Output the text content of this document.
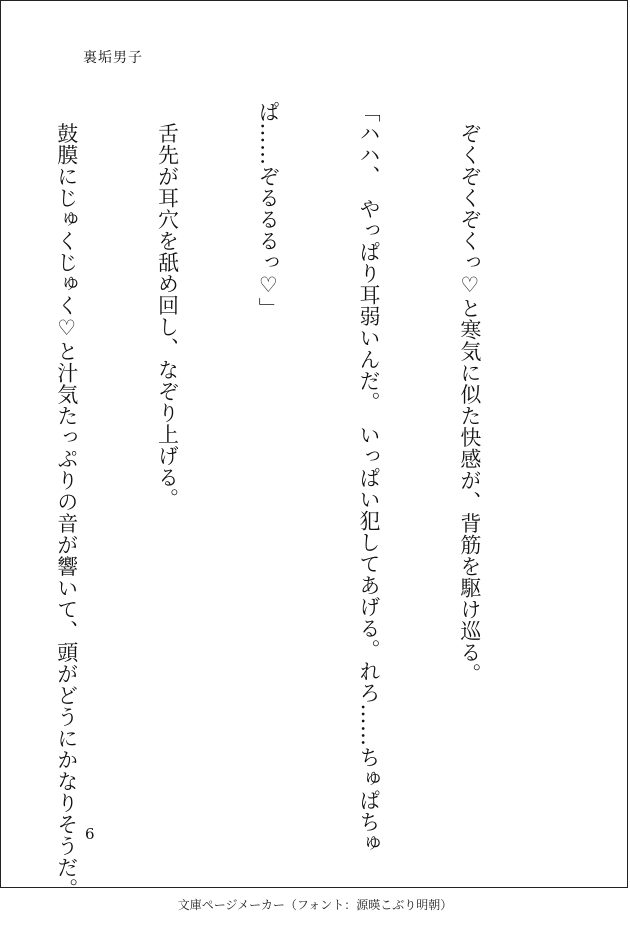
裏垢男子

　ぞくぞくぞくっ♡と寒気に似た快感が、背筋を駆け巡る。

「ハハ、　やっぱり耳弱いんだ。　いっぱい犯してあげる。れろ……ちゅぱちゅ

ぱ……ぞるるるっ♡」

　舌先が耳穴を舐め回し、なぞり上げる。

　鼓膜にじゅくじゅく♡と汁気たっぷりの音が響いて、頭がどうにかなりそうだ。

6
文庫ページメーカー（フォント：源暎こぶり明朝）
